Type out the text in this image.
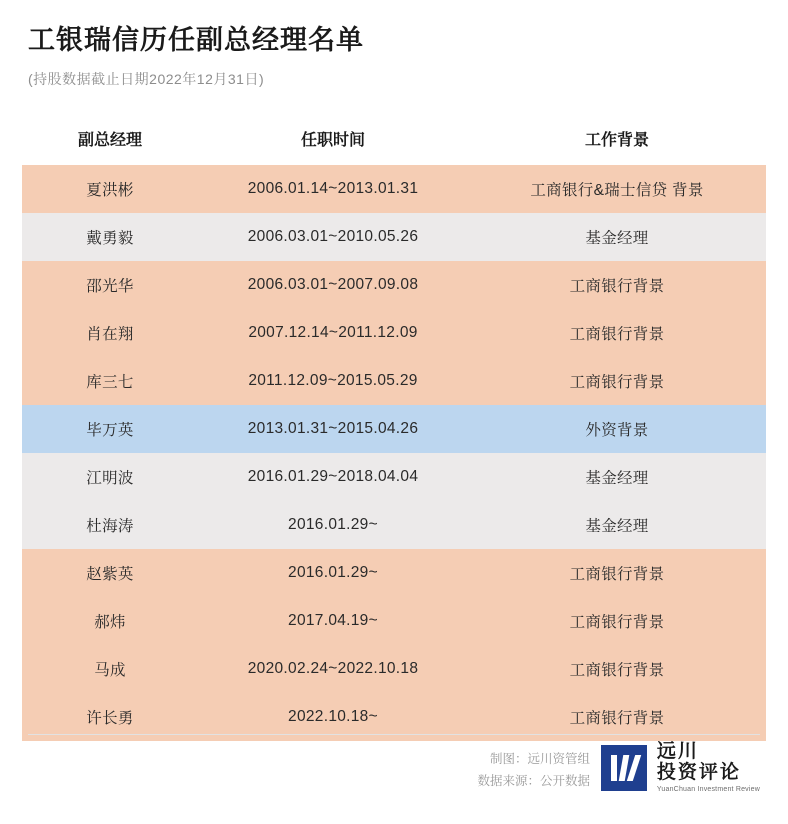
工银瑞信历任副总经理名单
(持股数据截止日期2022年12月31日)
副总经理	任职时间	工作背景
夏洪彬	2006.01.14~2013.01.31	工商银行&瑞士信贷 背景
戴勇毅	2006.03.01~2010.05.26	基金经理
邵光华	2006.03.01~2007.09.08	工商银行背景
肖在翔	2007.12.14~2011.12.09	工商银行背景
库三七	2011.12.09~2015.05.29	工商银行背景
毕万英	2013.01.31~2015.04.26	外资背景
江明波	2016.01.29~2018.04.04	基金经理
杜海涛	2016.01.29~	基金经理
赵紫英	2016.01.29~	工商银行背景
郝炜	2017.04.19~	工商银行背景
马成	2020.02.24~2022.10.18	工商银行背景
许长勇	2022.10.18~	工商银行背景
制图：远川资管组
数据来源：公开数据
远川
投资评论
YuanChuan Investment Review
